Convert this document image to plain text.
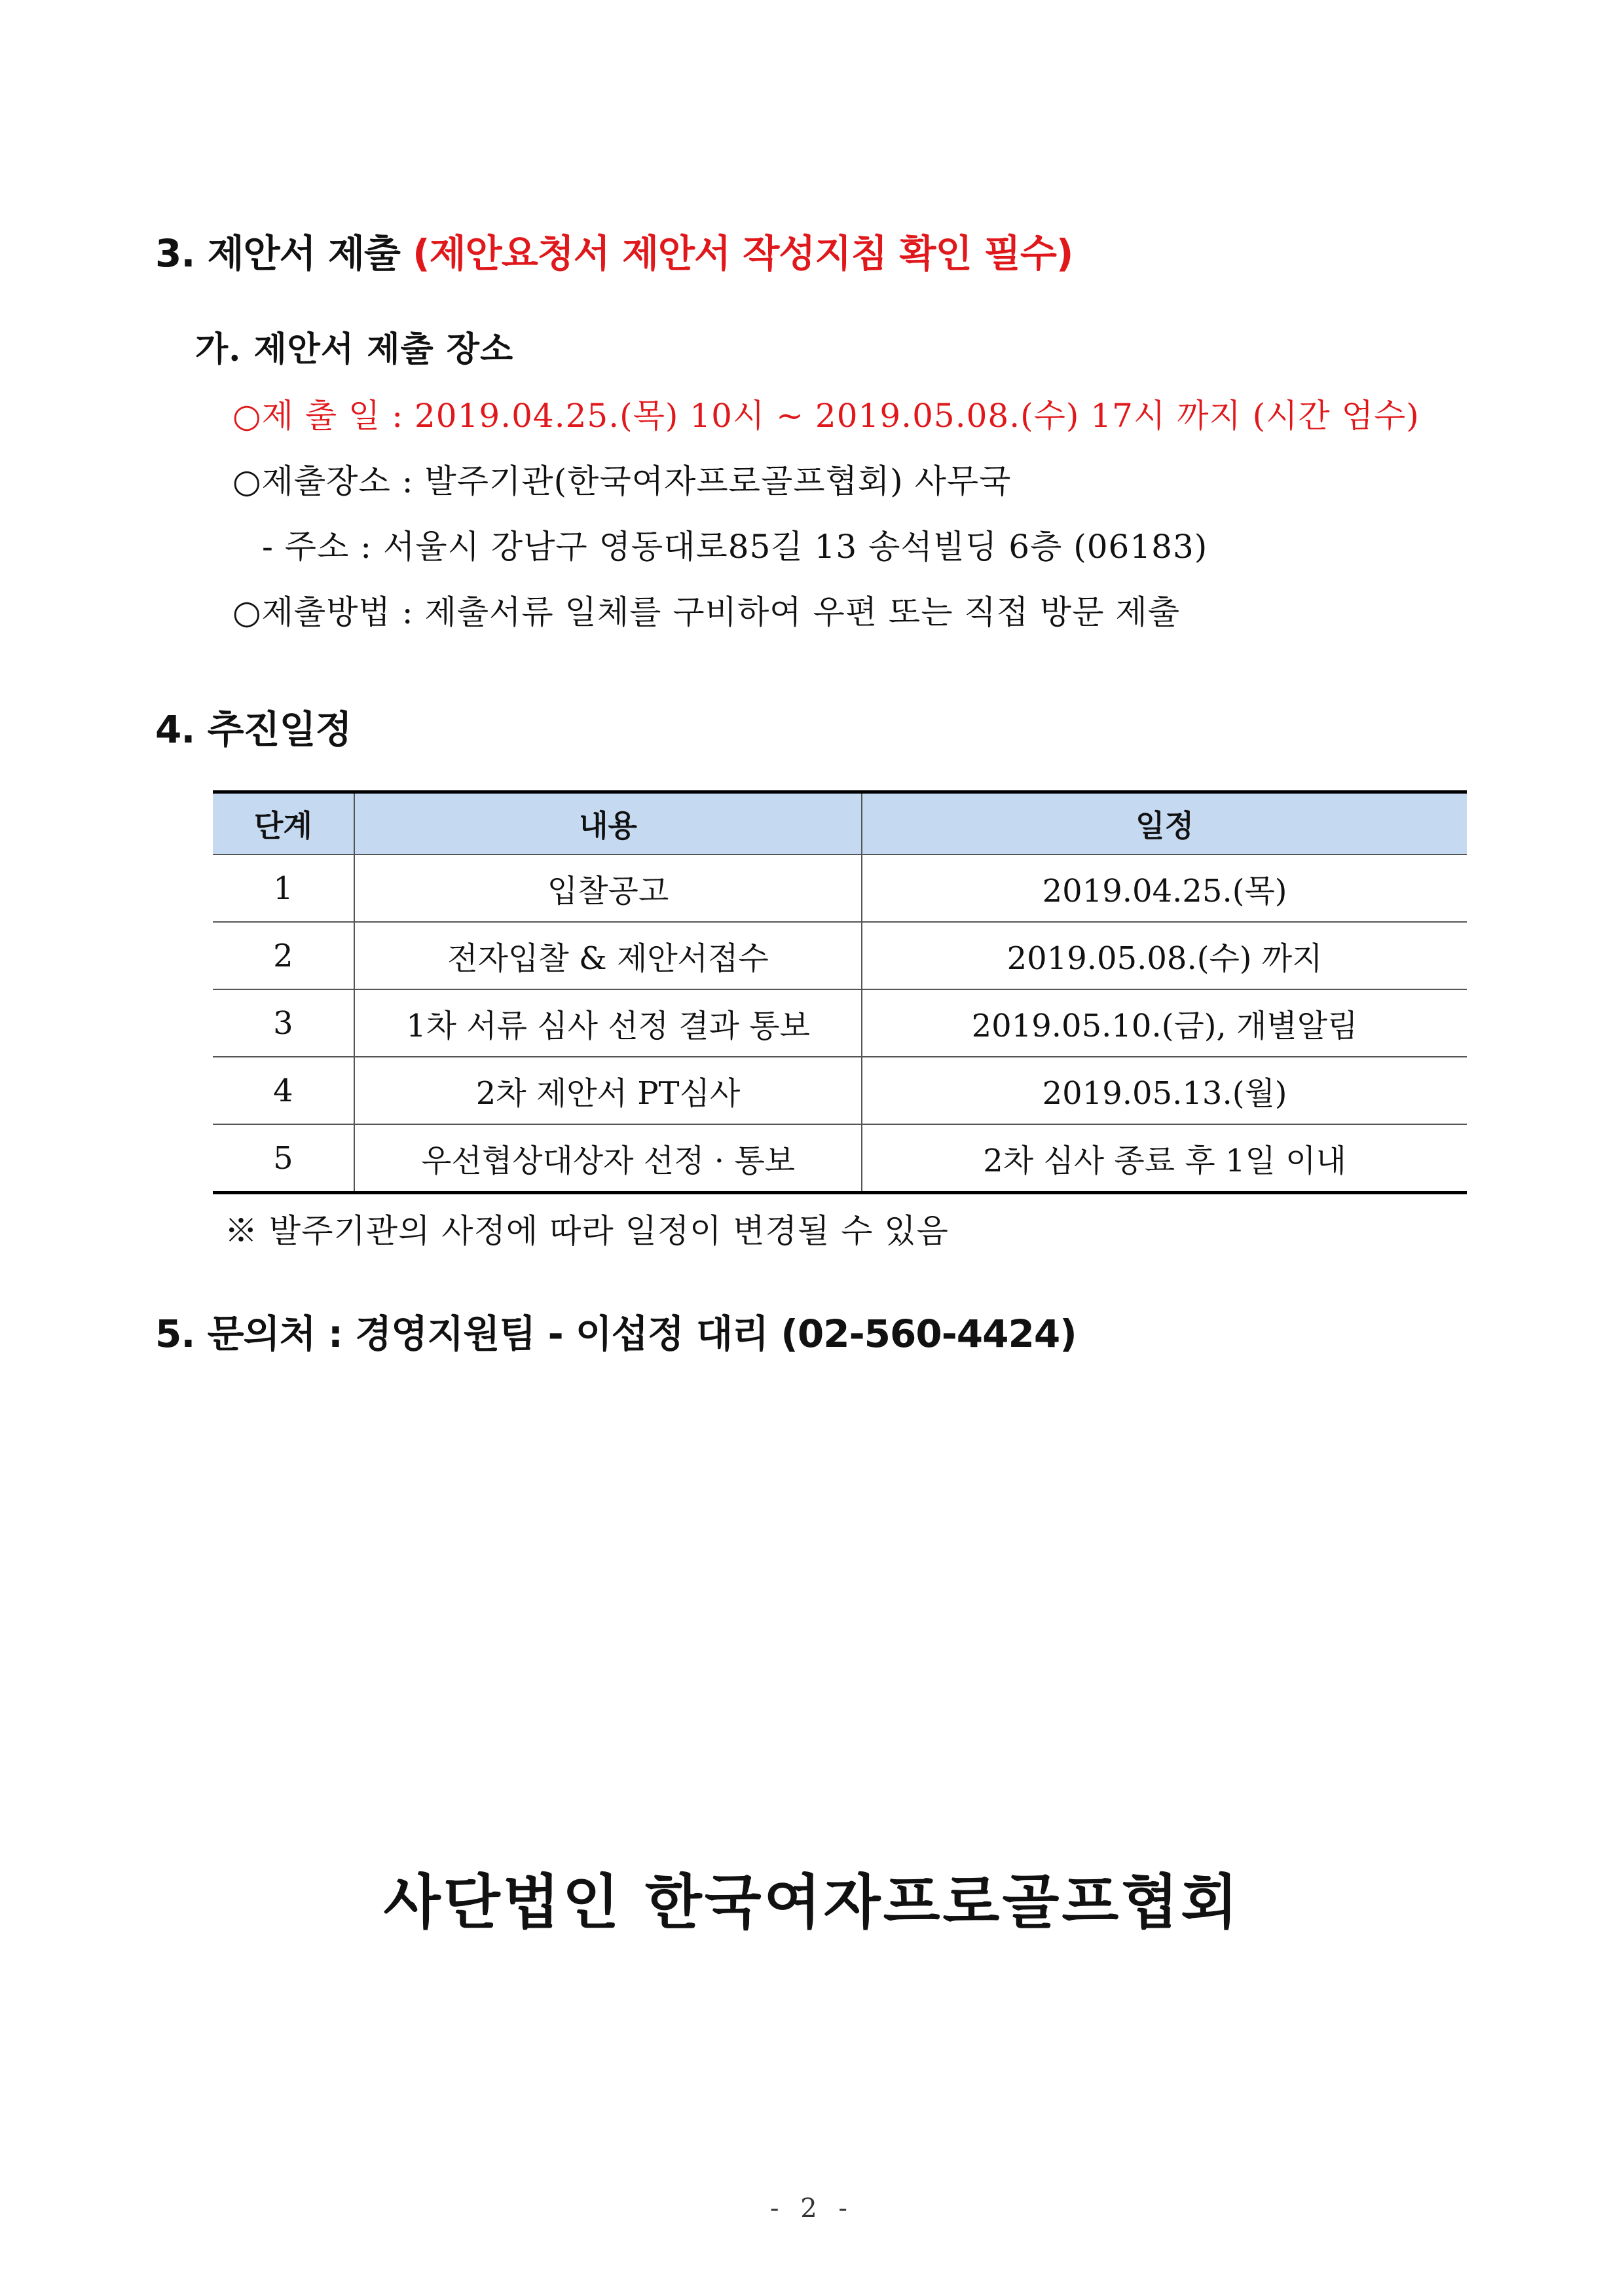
3. 제안서 제출 (제안요청서 제안서 작성지침 확인 필수)
가. 제안서 제출 장소
○제 출 일 : 2019.04.25.(목) 10시 ~ 2019.05.08.(수) 17시 까지 (시간 엄수)
○제출장소 : 발주기관(한국여자프로골프협회) 사무국
- 주소 : 서울시 강남구 영동대로85길 13 송석빌딩 6층 (06183)
○제출방법 : 제출서류 일체를 구비하여 우편 또는 직접 방문 제출
4. 추진일정
단계	내용	일정
1	입찰공고	2019.04.25.(목)
2	전자입찰 & 제안서접수	2019.05.08.(수) 까지
3	1차 서류 심사 선정 결과 통보	2019.05.10.(금), 개별알림
4	2차 제안서 PT심사	2019.05.13.(월)
5	우선협상대상자 선정 · 통보	2차 심사 종료 후 1일 이내
※ 발주기관의 사정에 따라 일정이 변경될 수 있음
5. 문의처 : 경영지원팀 - 이섭정 대리 (02-560-4424)
사단법인 한국여자프로골프협회
- 2 -
